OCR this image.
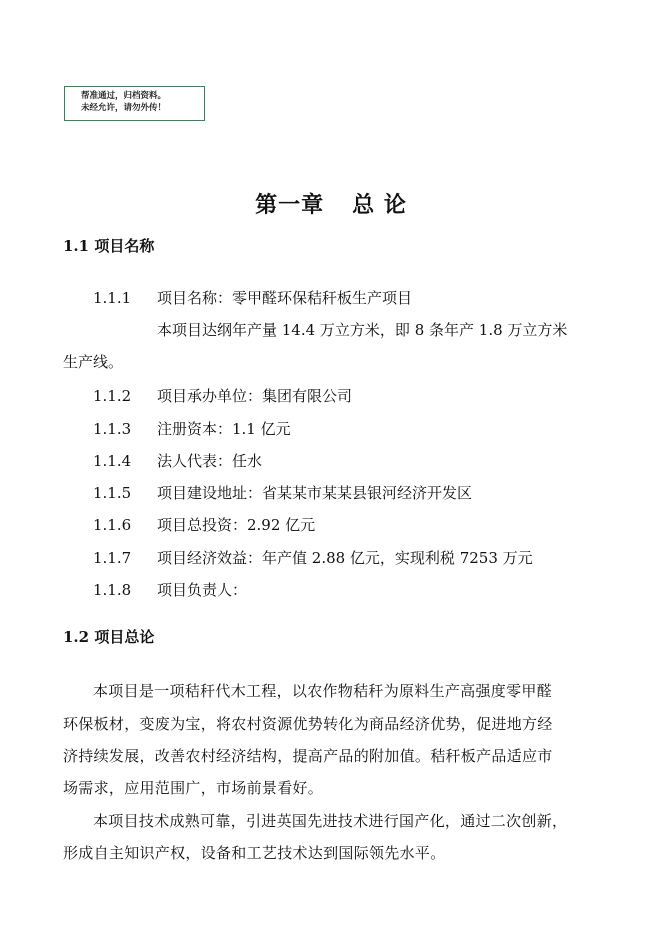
帮准通过，归档资料。
未经允许，请勿外传！
第一章 总 论
1.1 项目名称
1.1.1 项目名称：零甲醛环保秸秆板生产项目
本项目达纲年产量 14.4 万立方米，即 8 条年产 1.8 万立方米
生产线。
1.1.2 项目承办单位：集团有限公司
1.1.3 注册资本：1.1 亿元
1.1.4 法人代表：任水
1.1.5 项目建设地址：省某某市某某县银河经济开发区
1.1.6 项目总投资：2.92 亿元
1.1.7 项目经济效益：年产值 2.88 亿元，实现利税 7253 万元
1.1.8 项目负责人：
1.2 项目总论
本项目是一项秸秆代木工程，以农作物秸秆为原料生产高强度零甲醛
环保板材，变废为宝，将农村资源优势转化为商品经济优势，促进地方经
济持续发展，改善农村经济结构，提高产品的附加值。秸秆板产品适应市
场需求，应用范围广，市场前景看好。
本项目技术成熟可靠，引进英国先进技术进行国产化，通过二次创新，
形成自主知识产权，设备和工艺技术达到国际领先水平。
